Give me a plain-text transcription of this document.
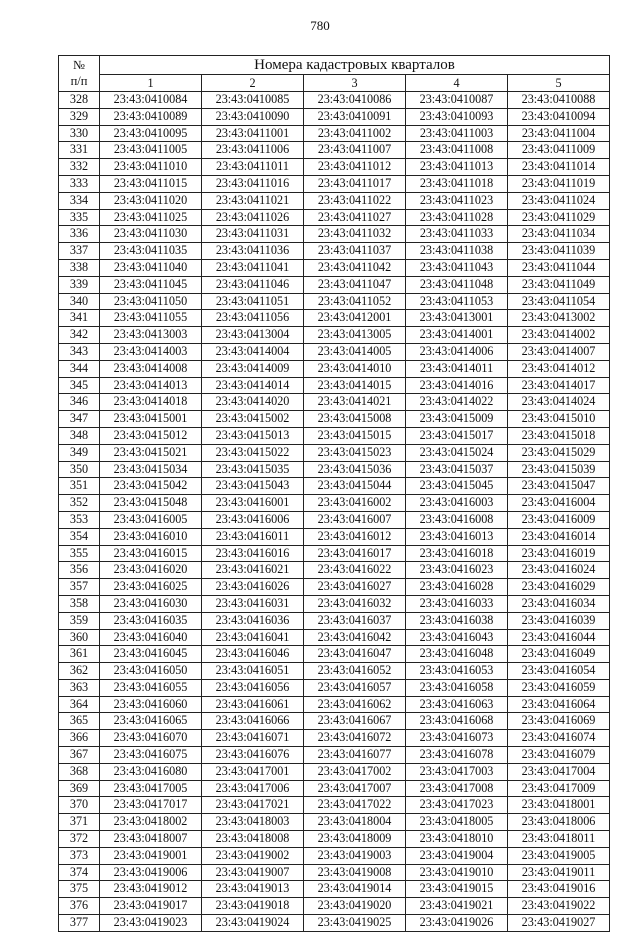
780
№
п/п	Номера кадастровых кварталов				
	1	2	3	4	5
328	23:43:0410084	23:43:0410085	23:43:0410086	23:43:0410087	23:43:0410088
329	23:43:0410089	23:43:0410090	23:43:0410091	23:43:0410093	23:43:0410094
330	23:43:0410095	23:43:0411001	23:43:0411002	23:43:0411003	23:43:0411004
331	23:43:0411005	23:43:0411006	23:43:0411007	23:43:0411008	23:43:0411009
332	23:43:0411010	23:43:0411011	23:43:0411012	23:43:0411013	23:43:0411014
333	23:43:0411015	23:43:0411016	23:43:0411017	23:43:0411018	23:43:0411019
334	23:43:0411020	23:43:0411021	23:43:0411022	23:43:0411023	23:43:0411024
335	23:43:0411025	23:43:0411026	23:43:0411027	23:43:0411028	23:43:0411029
336	23:43:0411030	23:43:0411031	23:43:0411032	23:43:0411033	23:43:0411034
337	23:43:0411035	23:43:0411036	23:43:0411037	23:43:0411038	23:43:0411039
338	23:43:0411040	23:43:0411041	23:43:0411042	23:43:0411043	23:43:0411044
339	23:43:0411045	23:43:0411046	23:43:0411047	23:43:0411048	23:43:0411049
340	23:43:0411050	23:43:0411051	23:43:0411052	23:43:0411053	23:43:0411054
341	23:43:0411055	23:43:0411056	23:43:0412001	23:43:0413001	23:43:0413002
342	23:43:0413003	23:43:0413004	23:43:0413005	23:43:0414001	23:43:0414002
343	23:43:0414003	23:43:0414004	23:43:0414005	23:43:0414006	23:43:0414007
344	23:43:0414008	23:43:0414009	23:43:0414010	23:43:0414011	23:43:0414012
345	23:43:0414013	23:43:0414014	23:43:0414015	23:43:0414016	23:43:0414017
346	23:43:0414018	23:43:0414020	23:43:0414021	23:43:0414022	23:43:0414024
347	23:43:0415001	23:43:0415002	23:43:0415008	23:43:0415009	23:43:0415010
348	23:43:0415012	23:43:0415013	23:43:0415015	23:43:0415017	23:43:0415018
349	23:43:0415021	23:43:0415022	23:43:0415023	23:43:0415024	23:43:0415029
350	23:43:0415034	23:43:0415035	23:43:0415036	23:43:0415037	23:43:0415039
351	23:43:0415042	23:43:0415043	23:43:0415044	23:43:0415045	23:43:0415047
352	23:43:0415048	23:43:0416001	23:43:0416002	23:43:0416003	23:43:0416004
353	23:43:0416005	23:43:0416006	23:43:0416007	23:43:0416008	23:43:0416009
354	23:43:0416010	23:43:0416011	23:43:0416012	23:43:0416013	23:43:0416014
355	23:43:0416015	23:43:0416016	23:43:0416017	23:43:0416018	23:43:0416019
356	23:43:0416020	23:43:0416021	23:43:0416022	23:43:0416023	23:43:0416024
357	23:43:0416025	23:43:0416026	23:43:0416027	23:43:0416028	23:43:0416029
358	23:43:0416030	23:43:0416031	23:43:0416032	23:43:0416033	23:43:0416034
359	23:43:0416035	23:43:0416036	23:43:0416037	23:43:0416038	23:43:0416039
360	23:43:0416040	23:43:0416041	23:43:0416042	23:43:0416043	23:43:0416044
361	23:43:0416045	23:43:0416046	23:43:0416047	23:43:0416048	23:43:0416049
362	23:43:0416050	23:43:0416051	23:43:0416052	23:43:0416053	23:43:0416054
363	23:43:0416055	23:43:0416056	23:43:0416057	23:43:0416058	23:43:0416059
364	23:43:0416060	23:43:0416061	23:43:0416062	23:43:0416063	23:43:0416064
365	23:43:0416065	23:43:0416066	23:43:0416067	23:43:0416068	23:43:0416069
366	23:43:0416070	23:43:0416071	23:43:0416072	23:43:0416073	23:43:0416074
367	23:43:0416075	23:43:0416076	23:43:0416077	23:43:0416078	23:43:0416079
368	23:43:0416080	23:43:0417001	23:43:0417002	23:43:0417003	23:43:0417004
369	23:43:0417005	23:43:0417006	23:43:0417007	23:43:0417008	23:43:0417009
370	23:43:0417017	23:43:0417021	23:43:0417022	23:43:0417023	23:43:0418001
371	23:43:0418002	23:43:0418003	23:43:0418004	23:43:0418005	23:43:0418006
372	23:43:0418007	23:43:0418008	23:43:0418009	23:43:0418010	23:43:0418011
373	23:43:0419001	23:43:0419002	23:43:0419003	23:43:0419004	23:43:0419005
374	23:43:0419006	23:43:0419007	23:43:0419008	23:43:0419010	23:43:0419011
375	23:43:0419012	23:43:0419013	23:43:0419014	23:43:0419015	23:43:0419016
376	23:43:0419017	23:43:0419018	23:43:0419020	23:43:0419021	23:43:0419022
377	23:43:0419023	23:43:0419024	23:43:0419025	23:43:0419026	23:43:0419027
